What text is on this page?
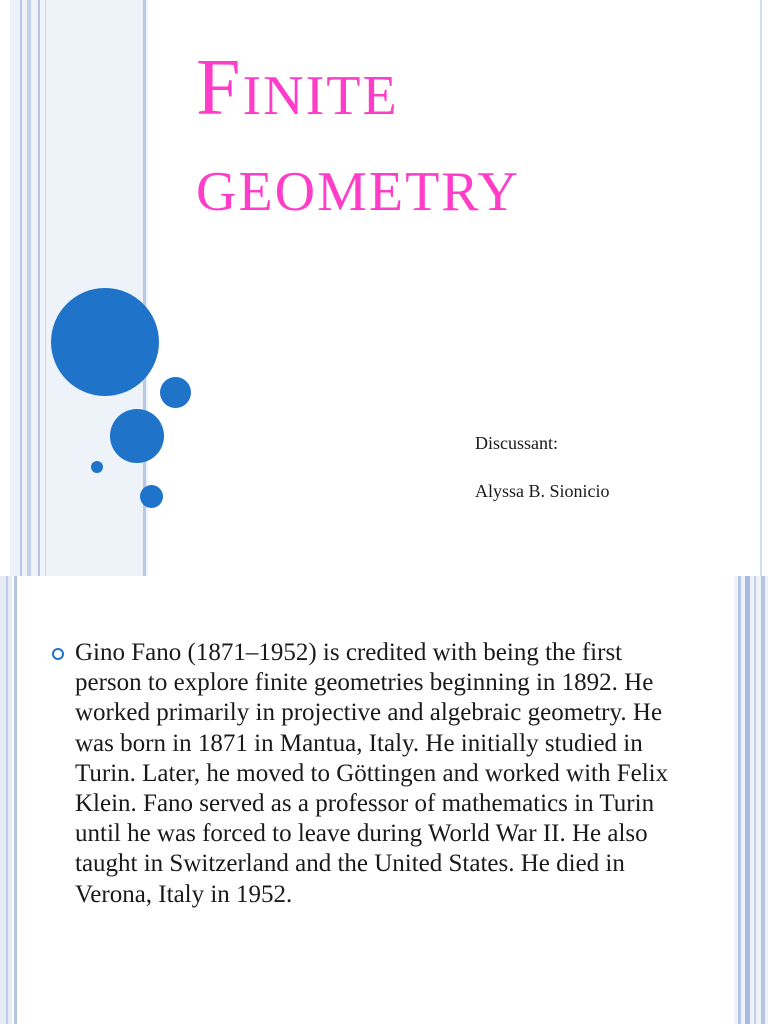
Finite
geometry
Discussant:
Alyssa B. Sionicio
Gino Fano (1871–1952) is credited with being the first person to explore finite geometries beginning in 1892. He worked primarily in projective and algebraic geometry. He was born in 1871 in Mantua, Italy. He initially studied in Turin. Later, he moved to Göttingen and worked with Felix Klein. Fano served as a professor of mathematics in Turin until he was forced to leave during World War II. He also taught in Switzerland and the United States. He died in Verona, Italy in 1952.
